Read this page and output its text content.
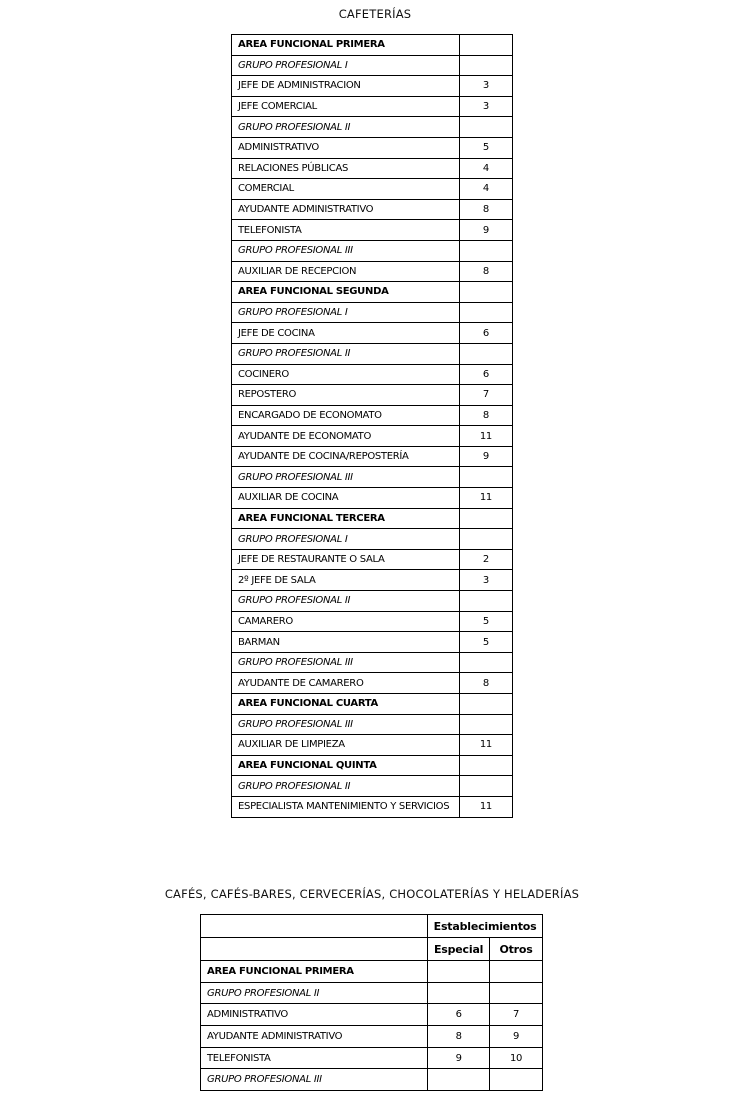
CAFETERÍAS
AREA FUNCIONAL PRIMERA	
GRUPO PROFESIONAL I	
JEFE DE ADMINISTRACION	3
JEFE COMERCIAL	3
GRUPO PROFESIONAL II	
ADMINISTRATIVO	5
RELACIONES PÚBLICAS	4
COMERCIAL	4
AYUDANTE ADMINISTRATIVO	8
TELEFONISTA	9
GRUPO PROFESIONAL III	
AUXILIAR DE RECEPCION	8
AREA FUNCIONAL SEGUNDA	
GRUPO PROFESIONAL I	
JEFE DE COCINA	6
GRUPO PROFESIONAL II	
COCINERO	6
REPOSTERO	7
ENCARGADO DE ECONOMATO	8
AYUDANTE DE ECONOMATO	11
AYUDANTE DE COCINA/REPOSTERÍA	9
GRUPO PROFESIONAL III	
AUXILIAR DE COCINA	11
AREA FUNCIONAL TERCERA	
GRUPO PROFESIONAL I	
JEFE DE RESTAURANTE O SALA	2
2º JEFE DE SALA	3
GRUPO PROFESIONAL II	
CAMARERO	5
BARMAN	5
GRUPO PROFESIONAL III	
AYUDANTE DE CAMARERO	8
AREA FUNCIONAL CUARTA	
GRUPO PROFESIONAL III	
AUXILIAR DE LIMPIEZA	11
AREA FUNCIONAL QUINTA	
GRUPO PROFESIONAL II	
ESPECIALISTA MANTENIMIENTO Y SERVICIOS	11
CAFÉS, CAFÉS-BARES, CERVECERÍAS, CHOCOLATERÍAS Y HELADERÍAS
	Establecimientos	
	Especial	Otros
AREA FUNCIONAL PRIMERA		
GRUPO PROFESIONAL II		
ADMINISTRATIVO	6	7
AYUDANTE ADMINISTRATIVO	8	9
TELEFONISTA	9	10
GRUPO PROFESIONAL III		
